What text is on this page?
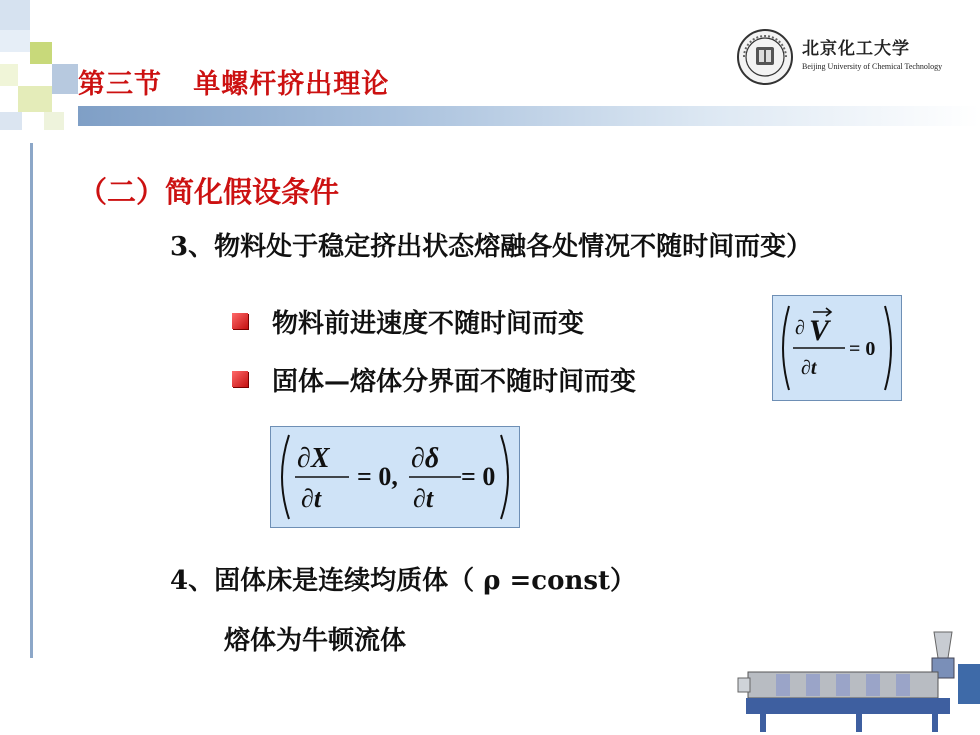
第三节   单螺杆挤出理论
北京化工大学
Beijing University of Chemical Technology
（二）简化假设条件
3、物料处于稳定挤出状态熔融各处情况不随时间而变）
物料前进速度不随时间而变
固体—熔体分界面不随时间而变
∂ V
∂t
= 0
∂X
∂t
= 0,
∂δ
∂t
= 0
4、固体床是连续均质体（ ρ =const）
熔体为牛顿流体
